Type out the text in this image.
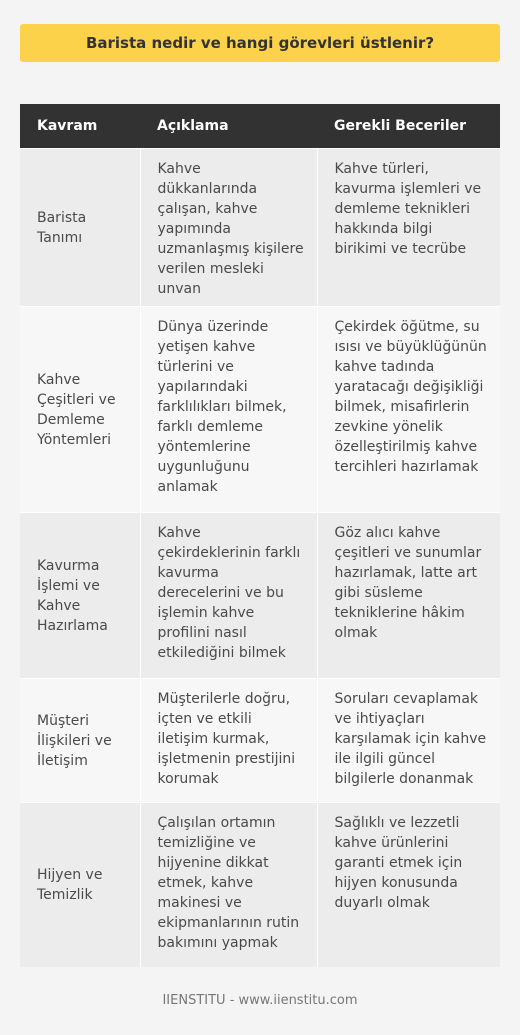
Barista nedir ve hangi görevleri üstlenir?
Kavram	Açıklama	Gerekli Beceriler
Barista Tanımı	Kahve dükkanlarında çalışan, kahve yapımında uzmanlaşmış kişilere verilen mesleki unvan	Kahve türleri, kavurma işlemleri ve demleme teknikleri hakkında bilgi birikimi ve tecrübe
Kahve Çeşitleri ve Demleme Yöntemleri	Dünya üzerinde yetişen kahve türlerini ve yapılarındaki farklılıkları bilmek, farklı demleme yöntemlerine uygunluğunu anlamak	Çekirdek öğütme, su ısısı ve büyüklüğünün kahve tadında yaratacağı değişikliği bilmek, misafirlerin zevkine yönelik özelleştirilmiş kahve tercihleri hazırlamak
Kavurma İşlemi ve Kahve Hazırlama	Kahve çekirdeklerinin farklı kavurma derecelerini ve bu işlemin kahve profilini nasıl etkilediğini bilmek	Göz alıcı kahve çeşitleri ve sunumlar hazırlamak, latte art gibi süsleme tekniklerine hâkim olmak
Müşteri İlişkileri ve İletişim	Müşterilerle doğru, içten ve etkili iletişim kurmak, işletmenin prestijini korumak	Soruları cevaplamak ve ihtiyaçları karşılamak için kahve ile ilgili güncel bilgilerle donanmak
Hijyen ve Temizlik	Çalışılan ortamın temizliğine ve hijyenine dikkat etmek, kahve makinesi ve ekipmanlarının rutin bakımını yapmak	Sağlıklı ve lezzetli kahve ürünlerini garanti etmek için hijyen konusunda duyarlı olmak
IIENSTITU - www.iienstitu.com
